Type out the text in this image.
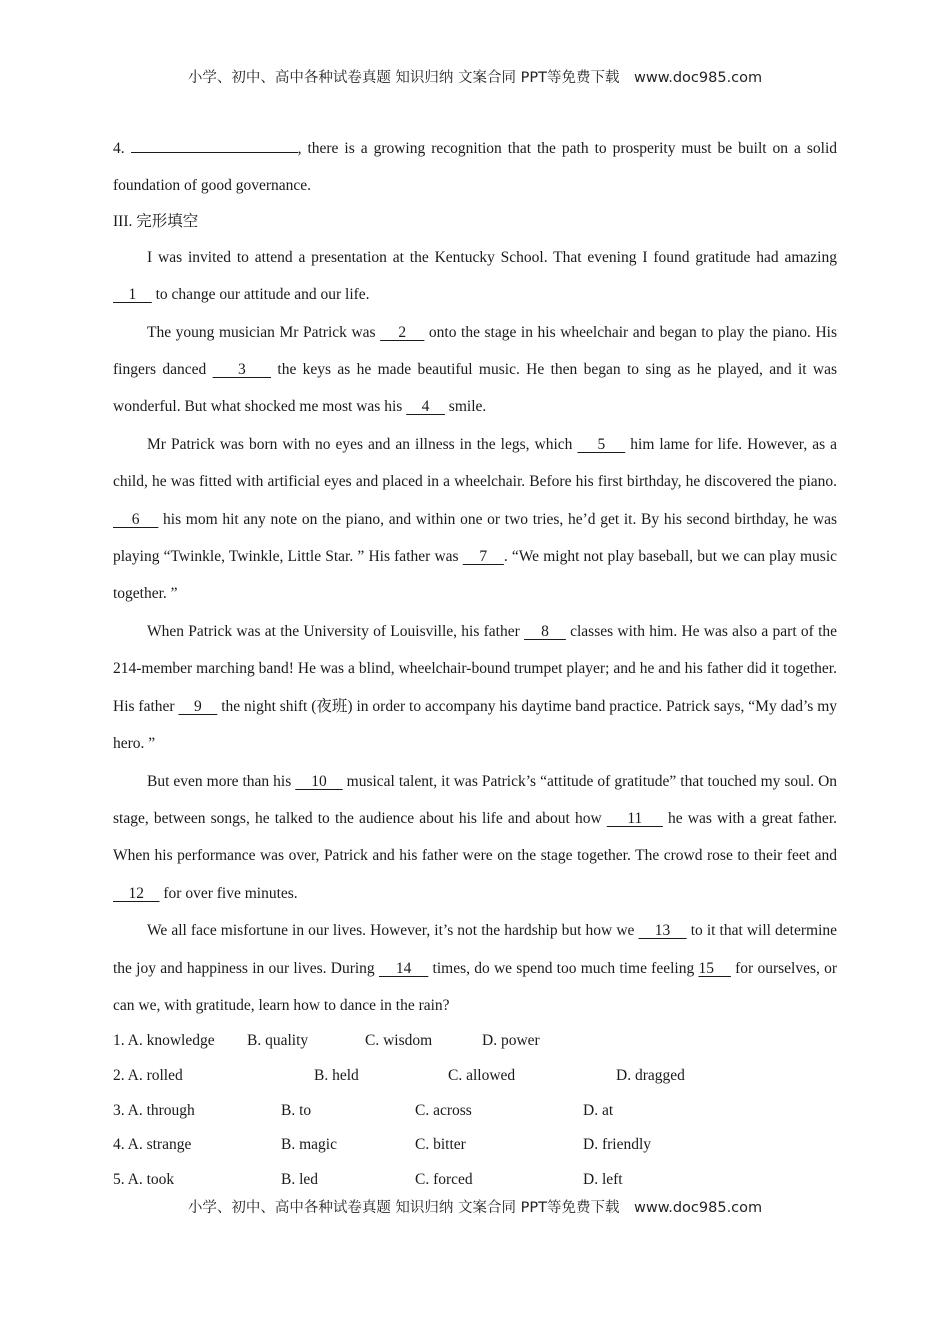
小学、初中、高中各种试卷真题 知识归纳 文案合同 PPT等免费下载　www.doc985.com

4.	, there is a growing recognition that the path to prosperity must be built on a solid foundation of good governance.

III. 完形填空

I was invited to attend a presentation at the Kentucky School. That evening I found gratitude had amazing     1     to change our attitude and our life.

The young musician Mr Patrick was     2     onto the stage in his wheelchair and began to play the piano. His fingers danced     3     the keys as he made beautiful music. He then began to sing as he played, and it was wonderful. But what shocked me most was his     4     smile.

Mr Patrick was born with no eyes and an illness in the legs, which     5     him lame for life. However, as a child, he was fitted with artificial eyes and placed in a wheelchair. Before his first birthday, he discovered the piano.     6     his mom hit any note on the piano, and within one or two tries, he’d get it. By his second birthday, he was playing “Twinkle, Twinkle, Little Star. ” His father was     7    . “We might not play baseball, but we can play music together. ”

When Patrick was at the University of Louisville, his father     8     classes with him. He was also a part of the 214-member marching band! He was a blind, wheelchair-bound trumpet player; and he and his father did it together. His father     9     the night shift (夜班) in order to accompany his daytime band practice. Patrick says, “My dad’s my hero. ”

But even more than his     10     musical talent, it was Patrick’s “attitude of gratitude” that touched my soul. On stage, between songs, he talked to the audience about his life and about how     11     he was with a great father. When his performance was over, Patrick and his father were on the stage together. The crowd rose to their feet and     12     for over five minutes.

We all face misfortune in our lives. However, it’s not the hardship but how we     13     to it that will determine the joy and happiness in our lives. During     14     times, do we spend too much time feeling 15     for ourselves, or can we, with gratitude, learn how to dance in the rain?

1. A. knowledge B. quality	C. wisdom	D. power
2. A. rolled	B. held	C. allowed	D. dragged
3. A. through	B. to	C. across	D. at
4. A. strange	B. magic	C. bitter	D. friendly
5. A. took	B. led	C. forced	D. left
小学、初中、高中各种试卷真题 知识归纳 文案合同 PPT等免费下载　www.doc985.com
